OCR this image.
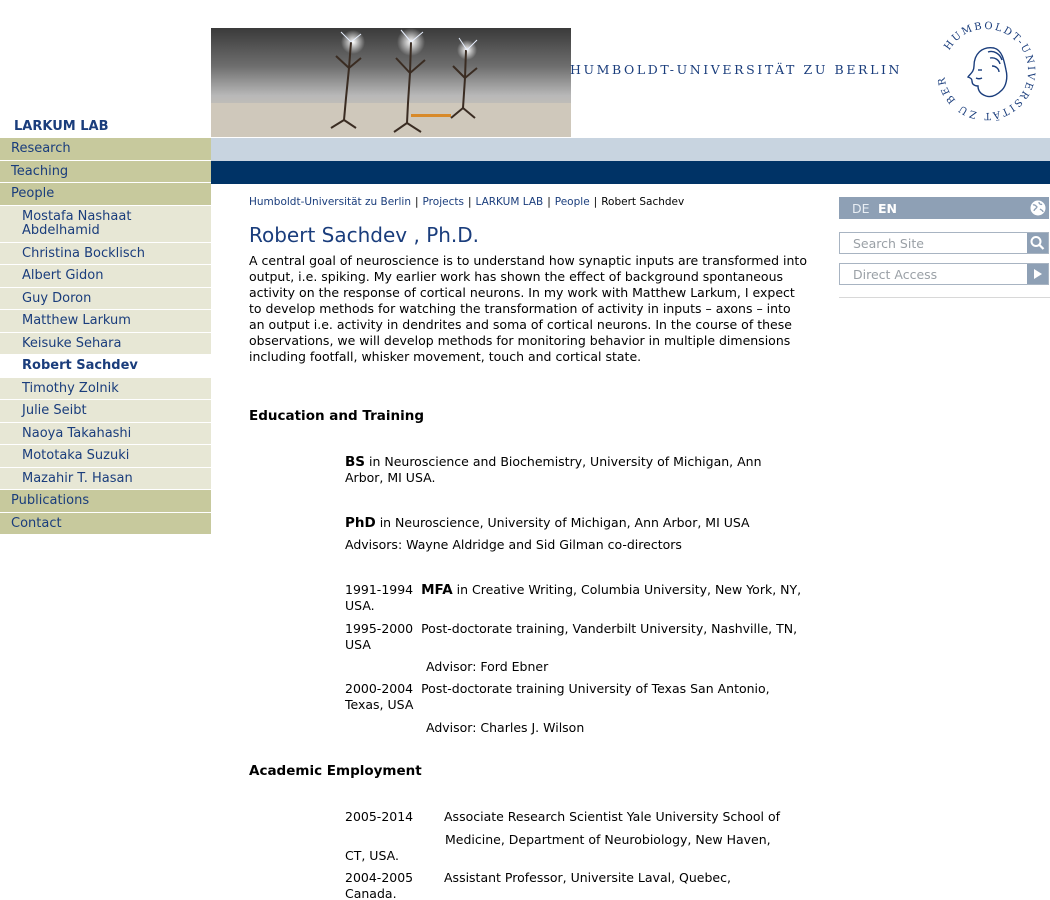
HUMBOLDT-UNIVERSITÄT ZU BERLIN
HUMBOLDT-UNIVERSITÄT ZU BER
LARKUM LAB
Research
Teaching
People
Mostafa Nashaat Abdelhamid
Christina Bocklisch
Albert Gidon
Guy Doron
Matthew Larkum
Keisuke Sehara
Robert Sachdev
Timothy Zolnik
Julie Seibt
Naoya Takahashi
Mototaka Suzuki
Mazahir T. Hasan
Publications
Contact
DE EN
Search Site
Direct Access
Humboldt-Universität zu Berlin | Projects | LARKUM LAB | People | Robert Sachdev
Robert Sachdev , Ph.D.

A central goal of neuroscience is to understand how synaptic inputs are transformed into output, i.e. spiking. My earlier work has shown the effect of background spontaneous activity on the response of cortical neurons. In my work with Matthew Larkum, I expect to develop methods for watching the transformation of activity in inputs – axons – into an output i.e. activity in dendrites and soma of cortical neurons. In the course of these observations, we will develop methods for monitoring behavior in multiple dimensions including footfall, whisker movement, touch and cortical state.

Education and Training
BS in Neuroscience and Biochemistry, University of Michigan, Ann Arbor, MI USA.
PhD in Neuroscience, University of Michigan, Ann Arbor, MI USA
Advisors: Wayne Aldridge and Sid Gilman co-directors
1991-1994 MFA in Creative Writing, Columbia University, New York, NY, USA.
1995-2000 Post-doctorate training, Vanderbilt University, Nashville, TN, USA
Advisor: Ford Ebner
2000-2004 Post-doctorate training University of Texas San Antonio, Texas, USA
Advisor: Charles J. Wilson
Academic Employment
2005-2014 Associate Research Scientist Yale University School of
Medicine, Department of Neurobiology, New Haven,
CT, USA.
2004-2005 Assistant Professor, Universite Laval, Quebec,
Canada.
